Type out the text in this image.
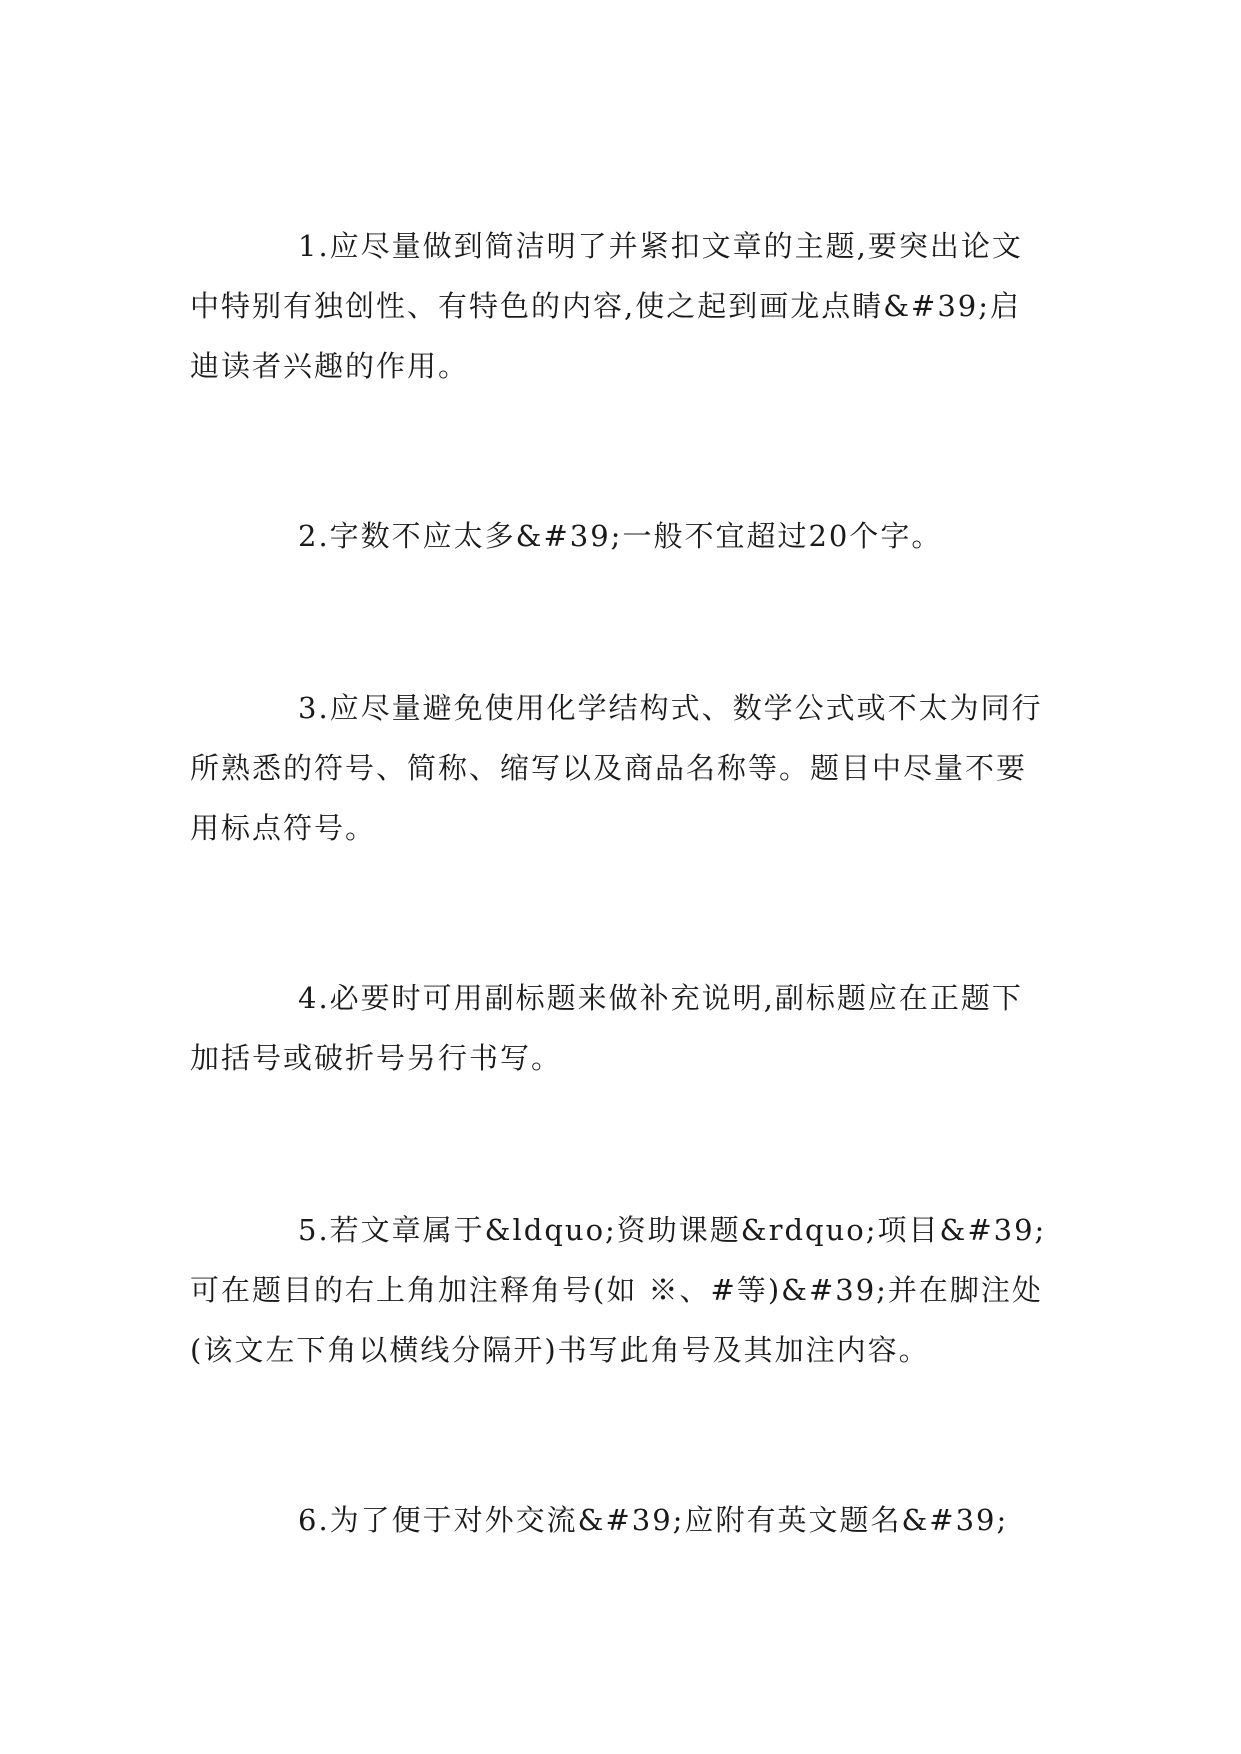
1.应尽量做到简洁明了并紧扣文章的主题,要突出论文中特别有独创性、有特色的内容,使之起到画龙点睛&#39;启迪读者兴趣的作用。

2.字数不应太多&#39;一般不宜超过20个字。

3.应尽量避免使用化学结构式、数学公式或不太为同行所熟悉的符号、简称、缩写以及商品名称等。题目中尽量不要用标点符号。

4.必要时可用副标题来做补充说明,副标题应在正题下加括号或破折号另行书写。

5.若文章属于&ldquo;资助课题&rdquo;项目&#39;可在题目的右上角加注释角号(如 ※、#等)&#39;并在脚注处(该文左下角以横线分隔开)书写此角号及其加注内容。

6.为了便于对外交流&#39;应附有英文题名&#39;
